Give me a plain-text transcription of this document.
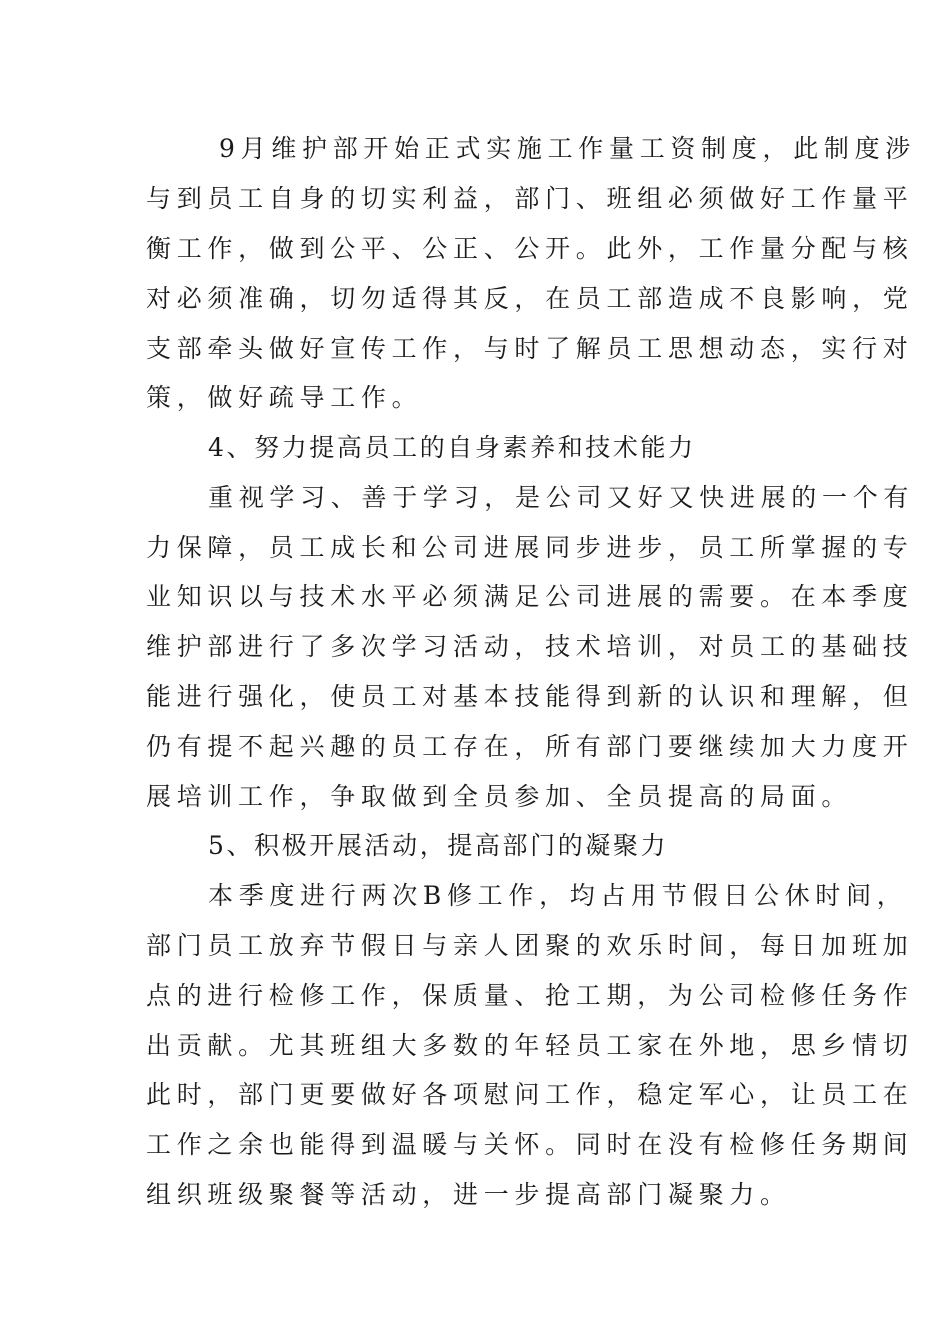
9月维护部开始正式实施工作量工资制度，此制度涉
与到员工自身的切实利益，部门、班组必须做好工作量平
衡工作，做到公平、公正、公开。此外，工作量分配与核
对必须准确，切勿适得其反，在员工部造成不良影响，党
支部牵头做好宣传工作，与时了解员工思想动态，实行对
策，做好疏导工作。
4、努力提高员工的自身素养和技术能力
重视学习、善于学习，是公司又好又快进展的一个有
力保障，员工成长和公司进展同步进步，员工所掌握的专
业知识以与技术水平必须满足公司进展的需要。在本季度
维护部进行了多次学习活动，技术培训，对员工的基础技
能进行强化，使员工对基本技能得到新的认识和理解，但
仍有提不起兴趣的员工存在，所有部门要继续加大力度开
展培训工作，争取做到全员参加、全员提高的局面。
5、积极开展活动，提高部门的凝聚力
本季度进行两次B修工作，均占用节假日公休时间，
部门员工放弃节假日与亲人团聚的欢乐时间，每日加班加
点的进行检修工作，保质量、抢工期，为公司检修任务作
出贡献。尤其班组大多数的年轻员工家在外地，思乡情切
此时，部门更要做好各项慰问工作，稳定军心，让员工在
工作之余也能得到温暖与关怀。同时在没有检修任务期间
组织班级聚餐等活动，进一步提高部门凝聚力。
